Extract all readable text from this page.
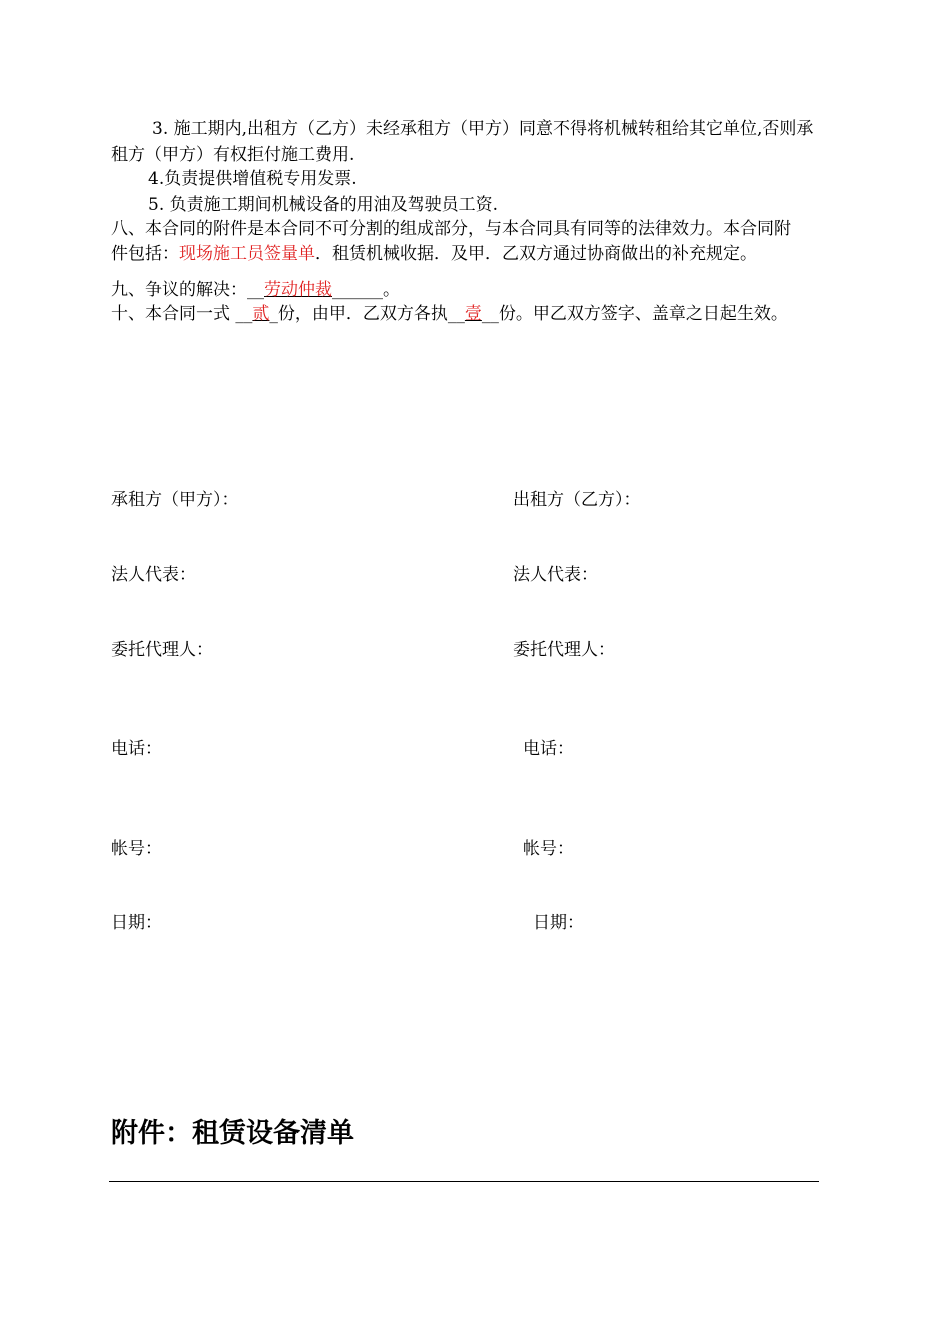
3. 施工期内,出租方（乙方）未经承租方（甲方）同意不得将机械转租给其它单位,否则承
租方（甲方）有权拒付施工费用.
4.负责提供增值税专用发票.
5. 负责施工期间机械设备的用油及驾驶员工资.
八、本合同的附件是本合同不可分割的组成部分，与本合同具有同等的法律效力。本合同附
件包括：现场施工员签量单．租赁机械收据．及甲．乙双方通过协商做出的补充规定。
九、争议的解决：__劳动仲裁______。
十、本合同一式 __贰_份，由甲．乙双方各执__壹__份。甲乙双方签字、盖章之日起生效。
承租方（甲方）：
法人代表：
委托代理人：
电话：
帐号：
日期：
出租方（乙方）：
法人代表：
委托代理人：
电话：
帐号：
日期：
附件：租赁设备清单
